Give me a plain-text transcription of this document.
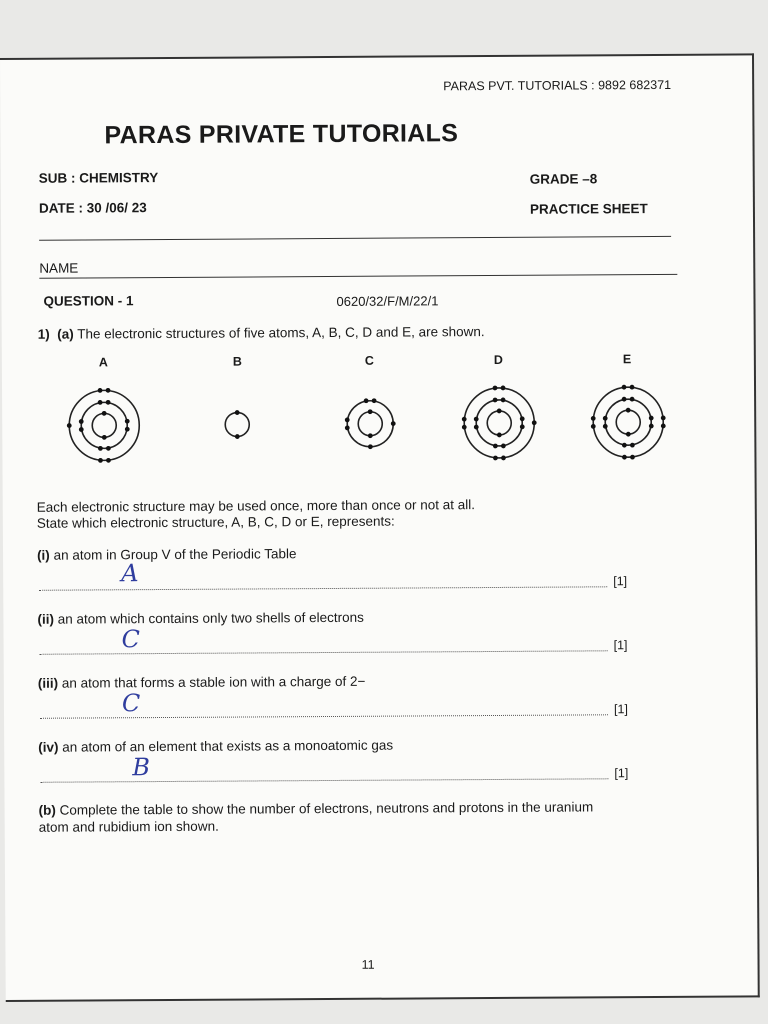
PARAS PVT. TUTORIALS : 9892 682371
PARAS PRIVATE TUTORIALS
SUB : CHEMISTRY	GRADE –8
DATE : 30 /06/ 23	PRACTICE SHEET
NAME
QUESTION - 1	0620/32/F/M/22/1
1) (a) The electronic structures of five atoms, A, B, C, D and E, are shown.
A	B	C	D	E
Each electronic structure may be used once, more than once or not at all.
State which electronic structure, A, B, C, D or E, represents:
(i) an atom in Group V of the Periodic Table
A	[1]
(ii) an atom which contains only two shells of electrons
C	[1]
(iii) an atom that forms a stable ion with a charge of 2−
C	[1]
(iv) an atom of an element that exists as a monoatomic gas
B	[1]
(b) Complete the table to show the number of electrons, neutrons and protons in the uranium
atom and rubidium ion shown.
11
